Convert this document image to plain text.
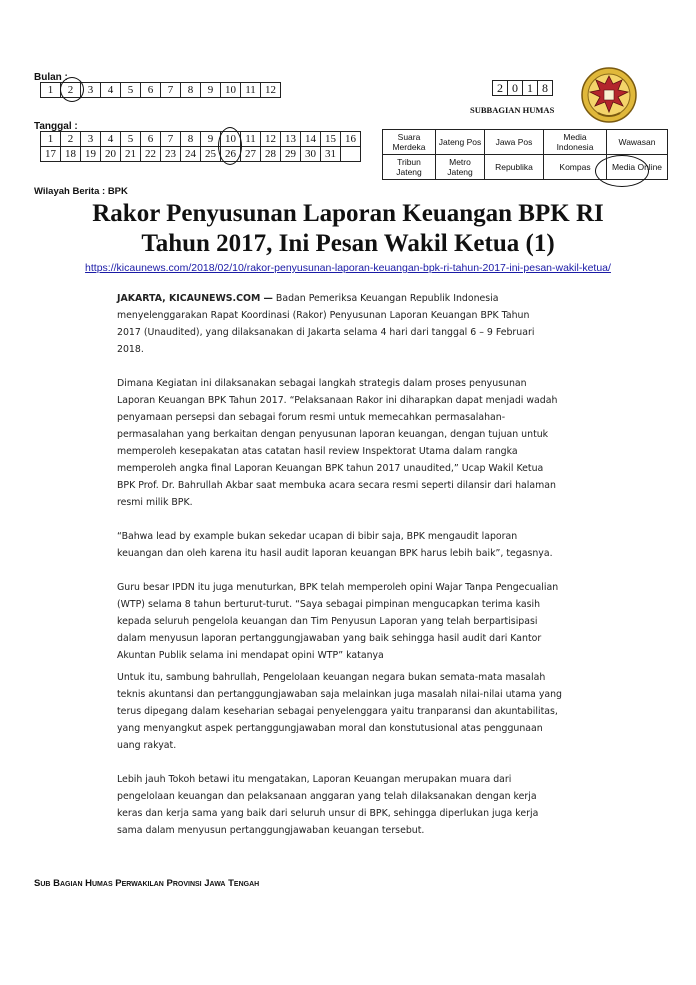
Bulan :
1	2	3	4	5	6	7	8	9	10	11	12
Tanggal :
1	2	3	4	5	6	7	8	9	10	11	12	13	14	15	16
17	18	19	20	21	22	23	24	25	26	27	28	29	30	31	
2	0	1	8
SUBBAGIAN HUMAS
Suara Merdeka	Jateng Pos	Jawa Pos	Media Indonesia	Wawasan
Tribun Jateng	Metro Jateng	Republika	Kompas	Media Online
Wilayah Berita : BPK
Rakor Penyusunan Laporan Keuangan BPK RI
Tahun 2017, Ini Pesan Wakil Ketua (1)
https://kicaunews.com/2018/02/10/rakor-penyusunan-laporan-keuangan-bpk-ri-tahun-2017-ini-pesan-wakil-ketua/

JAKARTA, KICAUNEWS.COM — Badan Pemeriksa Keuangan Republik Indonesia
menyelenggarakan Rapat Koordinasi (Rakor) Penyusunan Laporan Keuangan BPK Tahun
2017 (Unaudited), yang dilaksanakan di Jakarta selama 4 hari dari tanggal 6 – 9 Februari
2018.

Dimana Kegiatan ini dilaksanakan sebagai langkah strategis dalam proses penyusunan
Laporan Keuangan BPK Tahun 2017. “Pelaksanaan Rakor ini diharapkan dapat menjadi wadah
penyamaan persepsi dan sebagai forum resmi untuk memecahkan permasalahan-
permasalahan yang berkaitan dengan penyusunan laporan keuangan, dengan tujuan untuk
memperoleh kesepakatan atas catatan hasil review Inspektorat Utama dalam rangka
memperoleh angka final Laporan Keuangan BPK tahun 2017 unaudited,” Ucap Wakil Ketua
BPK Prof. Dr. Bahrullah Akbar saat membuka acara secara resmi seperti dilansir dari halaman
resmi milik BPK.

“Bahwa lead by example bukan sekedar ucapan di bibir saja, BPK mengaudit laporan
keuangan dan oleh karena itu hasil audit laporan keuangan BPK harus lebih baik”, tegasnya.

Guru besar IPDN itu juga menuturkan, BPK telah memperoleh opini Wajar Tanpa Pengecualian
(WTP) selama 8 tahun berturut-turut. “Saya sebagai pimpinan mengucapkan terima kasih
kepada seluruh pengelola keuangan dan Tim Penyusun Laporan yang telah berpartisipasi
dalam menyusun laporan pertanggungjawaban yang baik sehingga hasil audit dari Kantor
Akuntan Publik selama ini mendapat opini WTP” katanya

Untuk itu, sambung bahrullah, Pengelolaan keuangan negara bukan semata-mata masalah
teknis akuntansi dan pertanggungjawaban saja melainkan juga masalah nilai-nilai utama yang
terus dipegang dalam keseharian sebagai penyelenggara yaitu tranparansi dan akuntabilitas,
yang menyangkut aspek pertanggungjawaban moral dan konstutusional atas penggunaan
uang rakyat.

Lebih jauh Tokoh betawi itu mengatakan, Laporan Keuangan merupakan muara dari
pengelolaan keuangan dan pelaksanaan anggaran yang telah dilaksanakan dengan kerja
keras dan kerja sama yang baik dari seluruh unsur di BPK, sehingga diperlukan juga kerja
sama dalam menyusun pertanggungjawaban keuangan tersebut.

Sub Bagian Humas Perwakilan Provinsi Jawa Tengah
